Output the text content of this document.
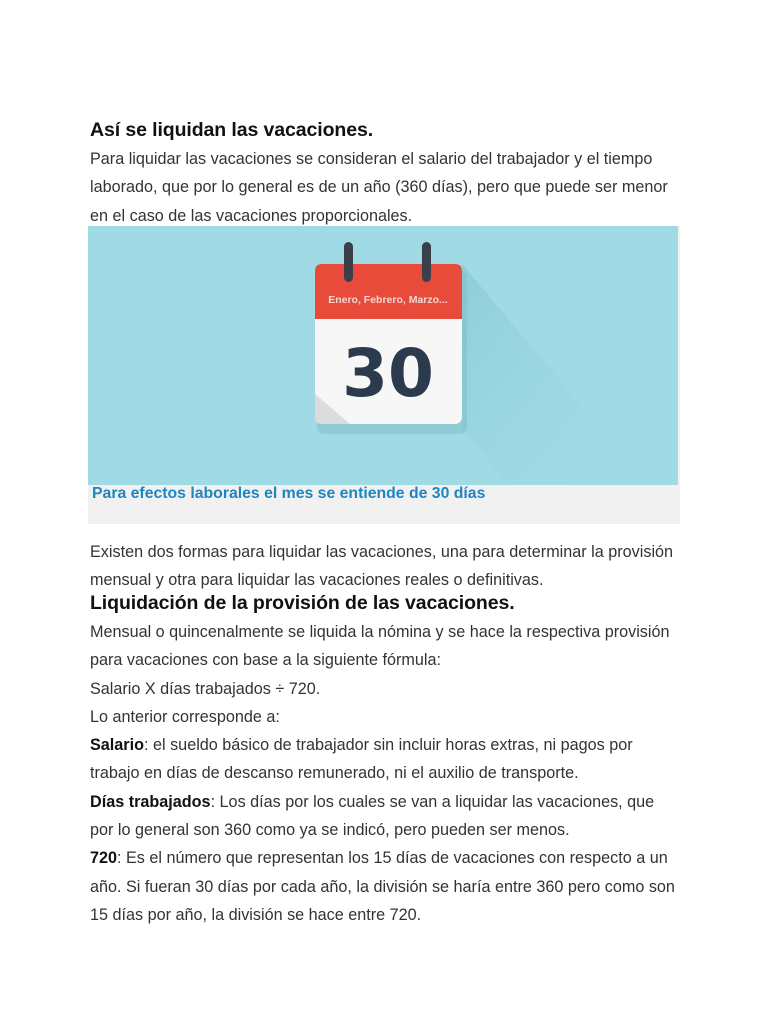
Así se liquidan las vacaciones.

Para liquidar las vacaciones se consideran el salario del trabajador y el tiempo laborado, que por lo general es de un año (360 días), pero que puede ser menor en el caso de las vacaciones proporcionales.

Enero, Febrero, Marzo...
30
Para efectos laborales el mes se entiende de 30 días

Existen dos formas para liquidar las vacaciones, una para determinar la provisión mensual y otra para liquidar las vacaciones reales o definitivas.

Liquidación de la provisión de las vacaciones.

Mensual o quincenalmente se liquida la nómina y se hace la respectiva provisión para vacaciones con base a la siguiente fórmula:

Salario X días trabajados ÷ 720.

Lo anterior corresponde a:

Salario: el sueldo básico de trabajador sin incluir horas extras, ni pagos por trabajo en días de descanso remunerado, ni el auxilio de transporte.

Días trabajados: Los días por los cuales se van a liquidar las vacaciones, que por lo general son 360 como ya se indicó, pero pueden ser menos.

720: Es el número que representan los 15 días de vacaciones con respecto a un año. Si fueran 30 días por cada año, la división se haría entre 360 pero como son 15 días por año, la división se hace entre 720.
